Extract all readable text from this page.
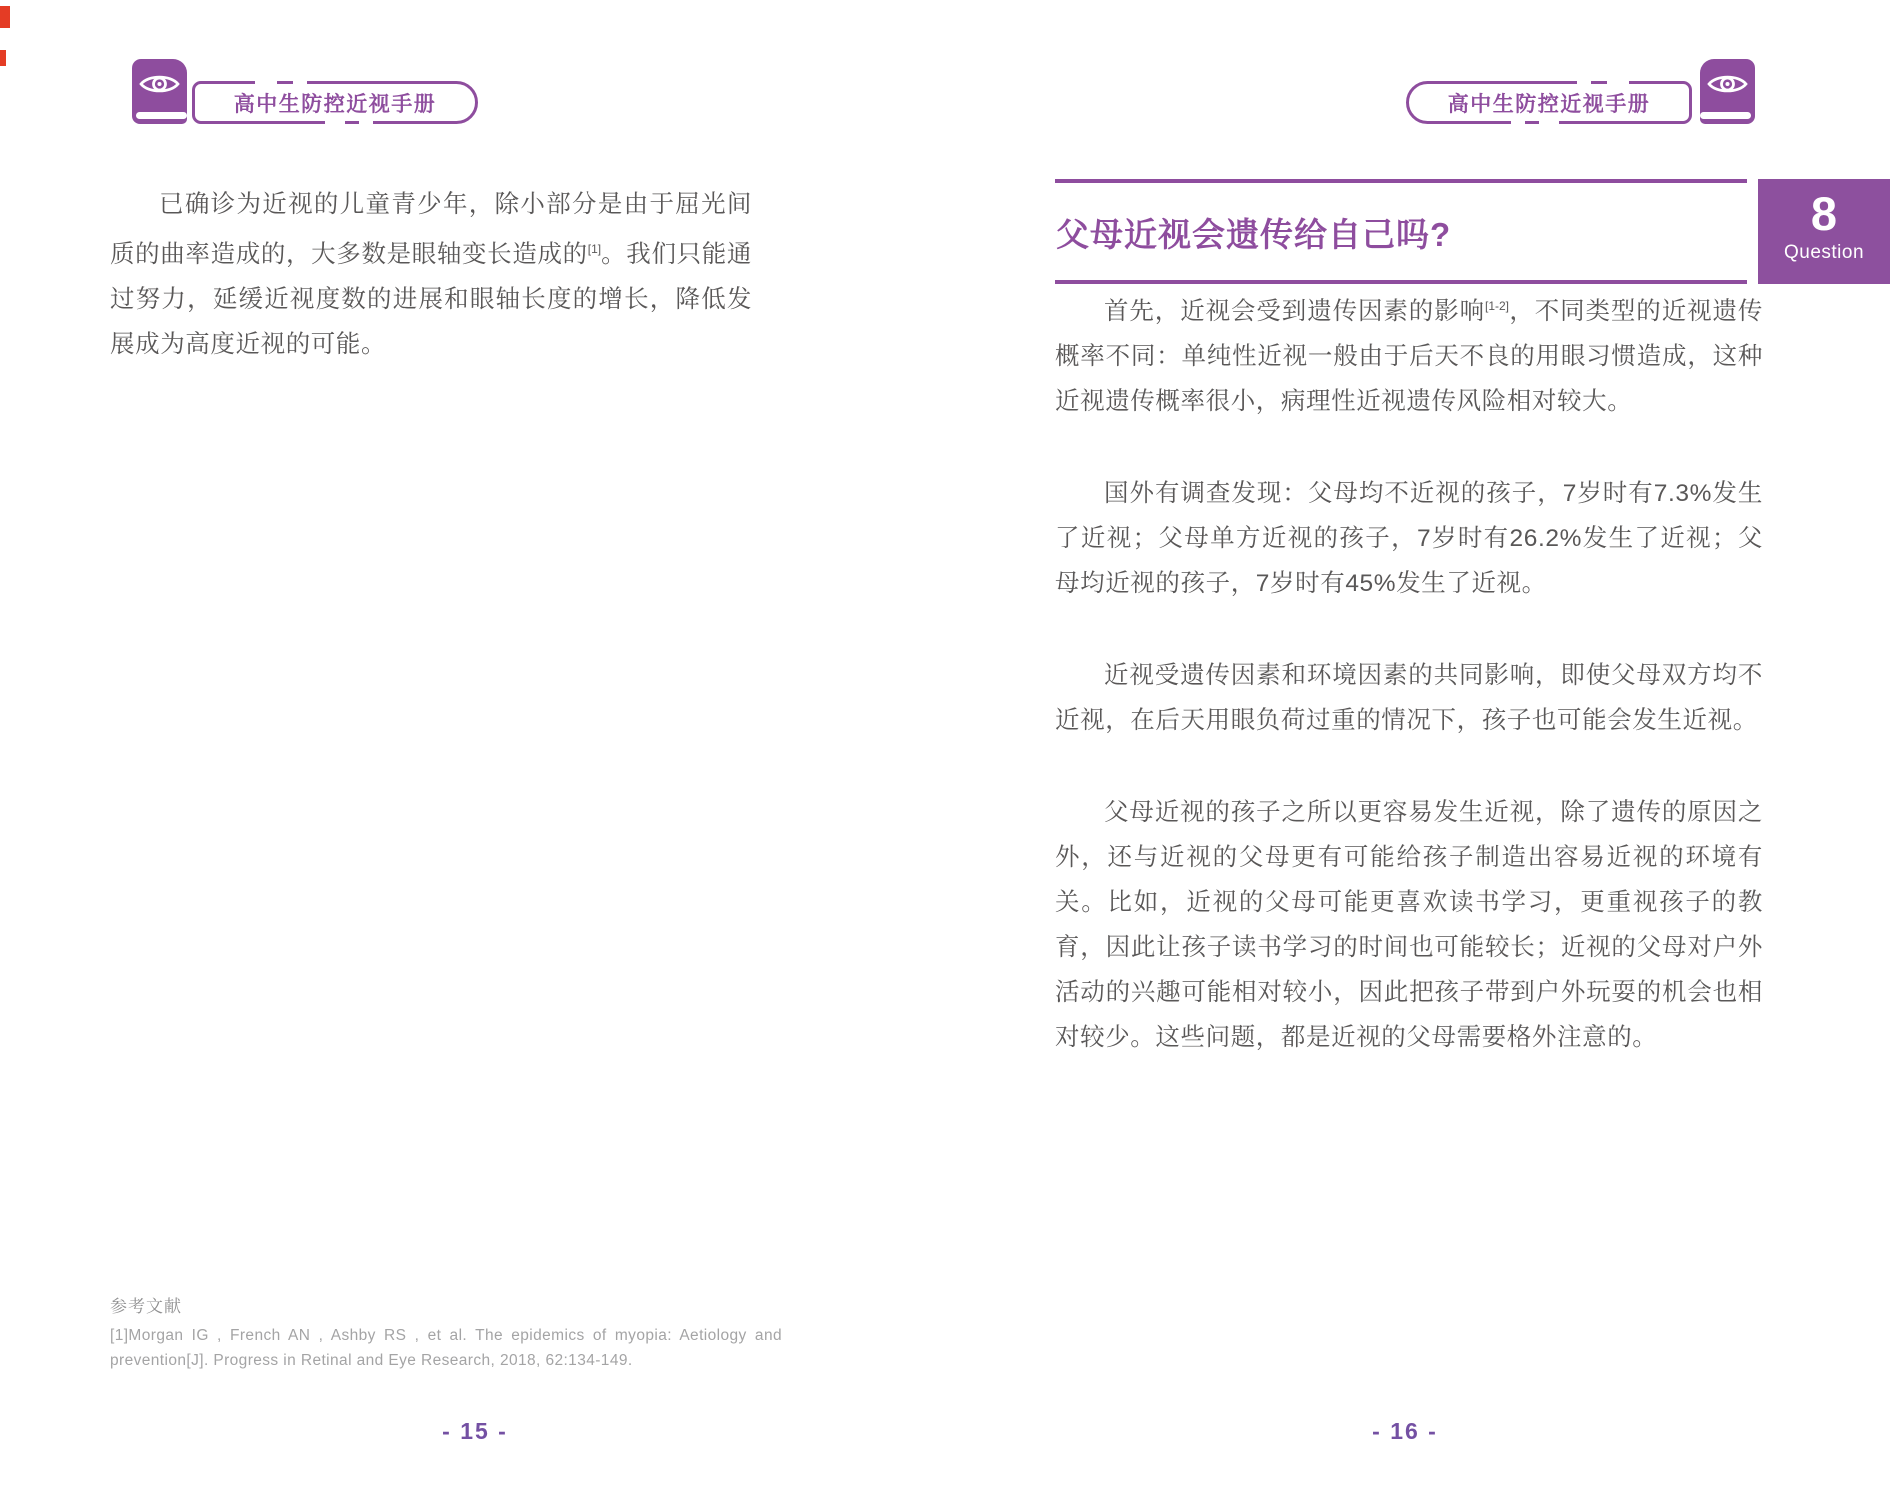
高中生防控近视手册

已确诊为近视的儿童青少年，除小部分是由于屈光间质的曲率造成的，大多数是眼轴变长造成的[1]。我们只能通过努力，延缓近视度数的进展和眼轴长度的增长，降低发展成为高度近视的可能。

参考文献
[1]Morgan IG , French AN , Ashby RS , et al. The epidemics of myopia: Aetiology and prevention[J]. Progress in Retinal and Eye Research, 2018, 62:134-149.
- 15 -
高中生防控近视手册
父母近视会遗传给自己吗?	8
Question

首先，近视会受到遗传因素的影响[1-2]，不同类型的近视遗传概率不同：单纯性近视一般由于后天不良的用眼习惯造成，这种近视遗传概率很小，病理性近视遗传风险相对较大。

国外有调查发现：父母均不近视的孩子，7岁时有7.3%发生了近视；父母单方近视的孩子，7岁时有26.2%发生了近视；父母均近视的孩子，7岁时有45%发生了近视。

近视受遗传因素和环境因素的共同影响，即使父母双方均不近视，在后天用眼负荷过重的情况下，孩子也可能会发生近视。

父母近视的孩子之所以更容易发生近视，除了遗传的原因之外，还与近视的父母更有可能给孩子制造出容易近视的环境有关。比如，近视的父母可能更喜欢读书学习，更重视孩子的教育，因此让孩子读书学习的时间也可能较长；近视的父母对户外活动的兴趣可能相对较小，因此把孩子带到户外玩耍的机会也相对较少。这些问题，都是近视的父母需要格外注意的。

- 16 -
